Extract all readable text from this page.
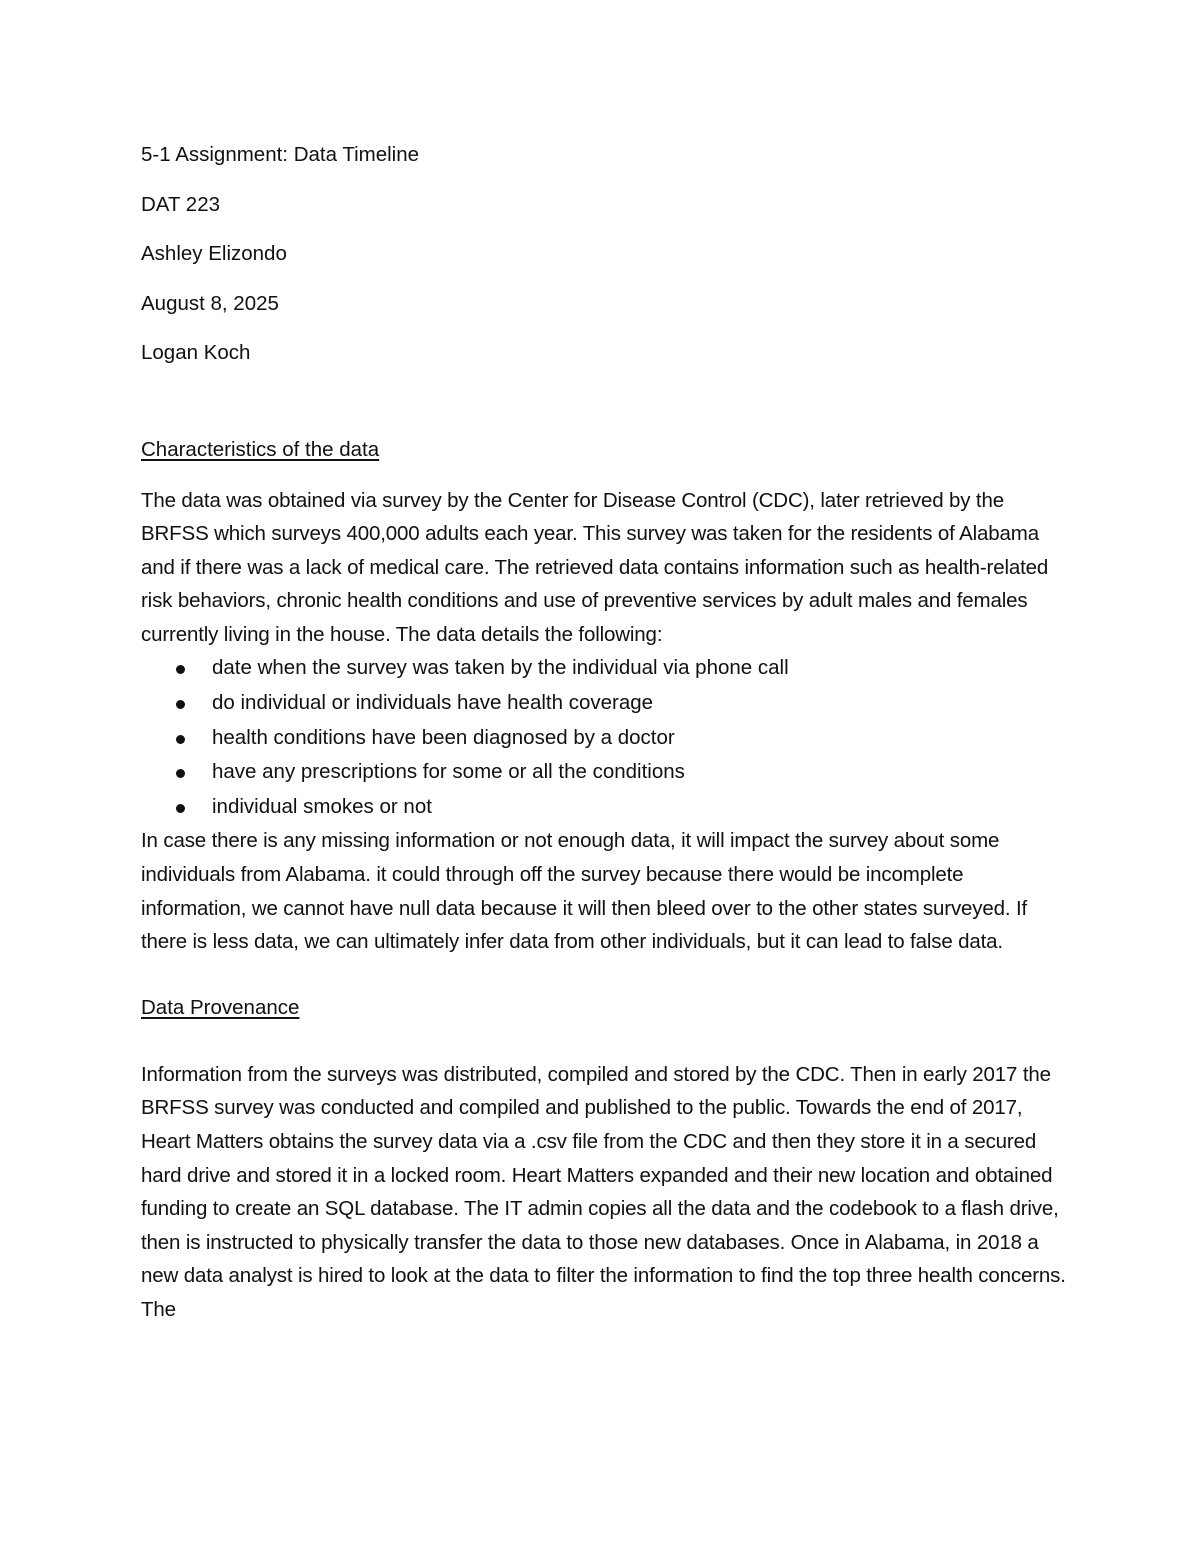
5-1 Assignment: Data Timeline
DAT 223
Ashley Elizondo
August 8, 2025
Logan Koch
Characteristics of the data

The data was obtained via survey by the Center for Disease Control (CDC), later retrieved by the BRFSS which surveys 400,000 adults each year. This survey was taken for the residents of Alabama and if there was a lack of medical care. The retrieved data contains information such as health-related risk behaviors, chronic health conditions and use of preventive services by adult males and females currently living in the house. The data details the following:

date when the survey was taken by the individual via phone call
do individual or individuals have health coverage
health conditions have been diagnosed by a doctor
have any prescriptions for some or all the conditions
individual smokes or not

In case there is any missing information or not enough data, it will impact the survey about some individuals from Alabama. it could through off the survey because there would be incomplete information, we cannot have null data because it will then bleed over to the other states surveyed. If there is less data, we can ultimately infer data from other individuals, but it can lead to false data.

Data Provenance

Information from the surveys was distributed, compiled and stored by the CDC. Then in early 2017 the BRFSS survey was conducted and compiled and published to the public. Towards the end of 2017, Heart Matters obtains the survey data via a .csv file from the CDC and then they store it in a secured hard drive and stored it in a locked room. Heart Matters expanded and their new location and obtained funding to create an SQL database. The IT admin copies all the data and the codebook to a flash drive, then is instructed to physically transfer the data to those new databases. Once in Alabama, in 2018 a new data analyst is hired to look at the data to filter the information to find the top three health concerns. The
